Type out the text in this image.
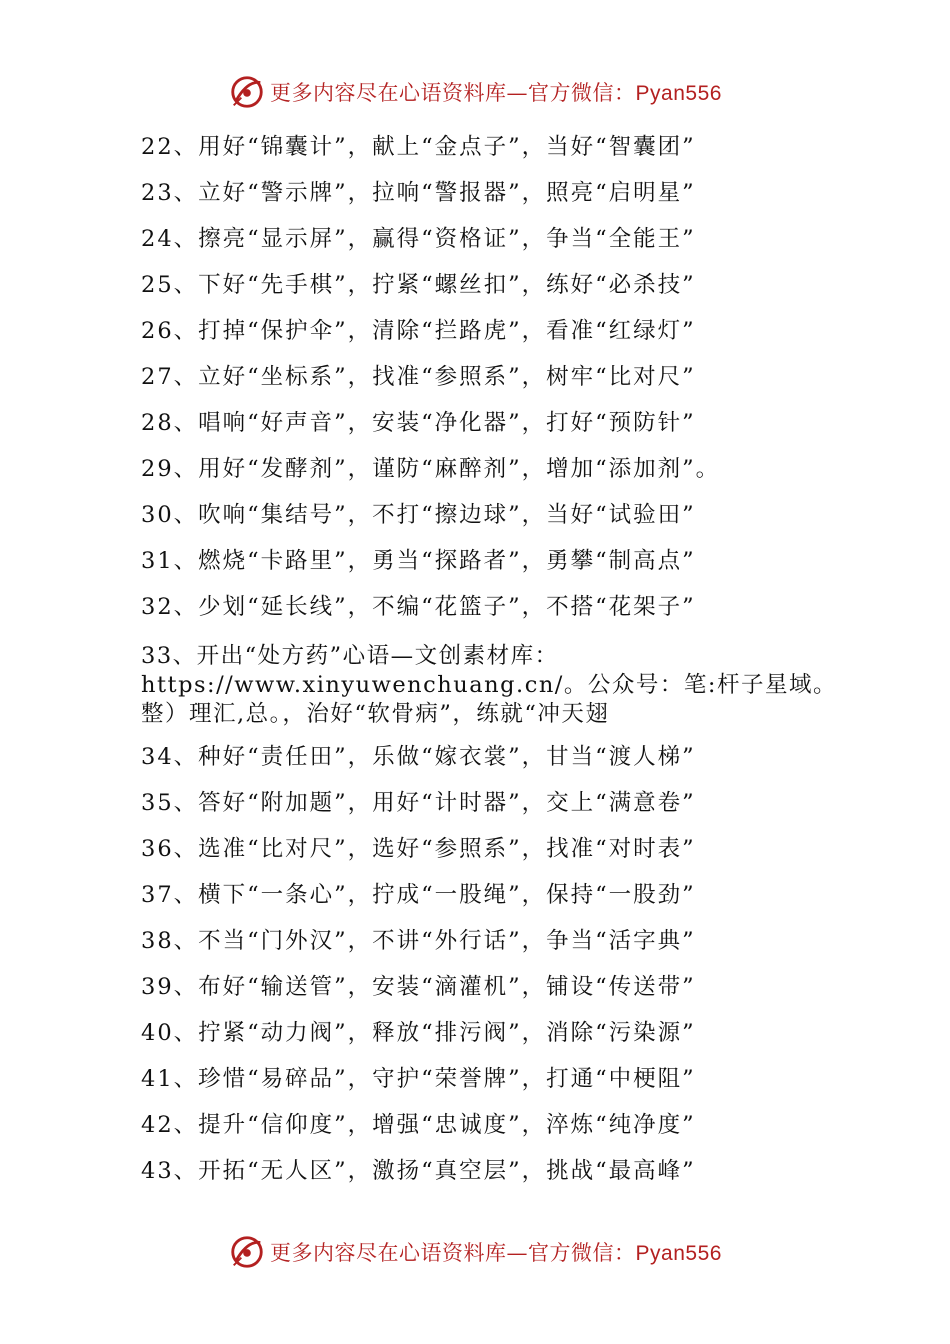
更多内容尽在心语资料库—官方微信：Pyan556
22、用好“锦囊计”，献上“金点子”，当好“智囊团”
23、立好“警示牌”，拉响“警报器”，照亮“启明星”
24、擦亮“显示屏”，赢得“资格证”，争当“全能王”
25、下好“先手棋”，拧紧“螺丝扣”，练好“必杀技”
26、打掉“保护伞”，清除“拦路虎”，看准“红绿灯”
27、立好“坐标系”，找准“参照系”，树牢“比对尺”
28、唱响“好声音”，安装“净化器”，打好“预防针”
29、用好“发酵剂”，谨防“麻醉剂”，增加“添加剂”。
30、吹响“集结号”，不打“擦边球”，当好“试验田”
31、燃烧“卡路里”，勇当“探路者”，勇攀“制高点”
32、少划“延长线”，不编“花篮子”，不搭“花架子”
33、开出“处方药”心语—文创素材库：https://www.xinyuwenchuang.cn/。公众号：笔:杆子星域。整）理汇,总。，治好“软骨病”，练就“冲天翅
34、种好“责任田”，乐做“嫁衣裳”，甘当“渡人梯”
35、答好“附加题”，用好“计时器”，交上“满意卷”
36、选准“比对尺”，选好“参照系”，找准“对时表”
37、横下“一条心”，拧成“一股绳”，保持“一股劲”
38、不当“门外汉”，不讲“外行话”，争当“活字典”
39、布好“输送管”，安装“滴灌机”，铺设“传送带”
40、拧紧“动力阀”，释放“排污阀”，消除“污染源”
41、珍惜“易碎品”，守护“荣誉牌”，打通“中梗阻”
42、提升“信仰度”，增强“忠诚度”，淬炼“纯净度”
43、开拓“无人区”，激扬“真空层”，挑战“最高峰”
更多内容尽在心语资料库—官方微信：Pyan556
